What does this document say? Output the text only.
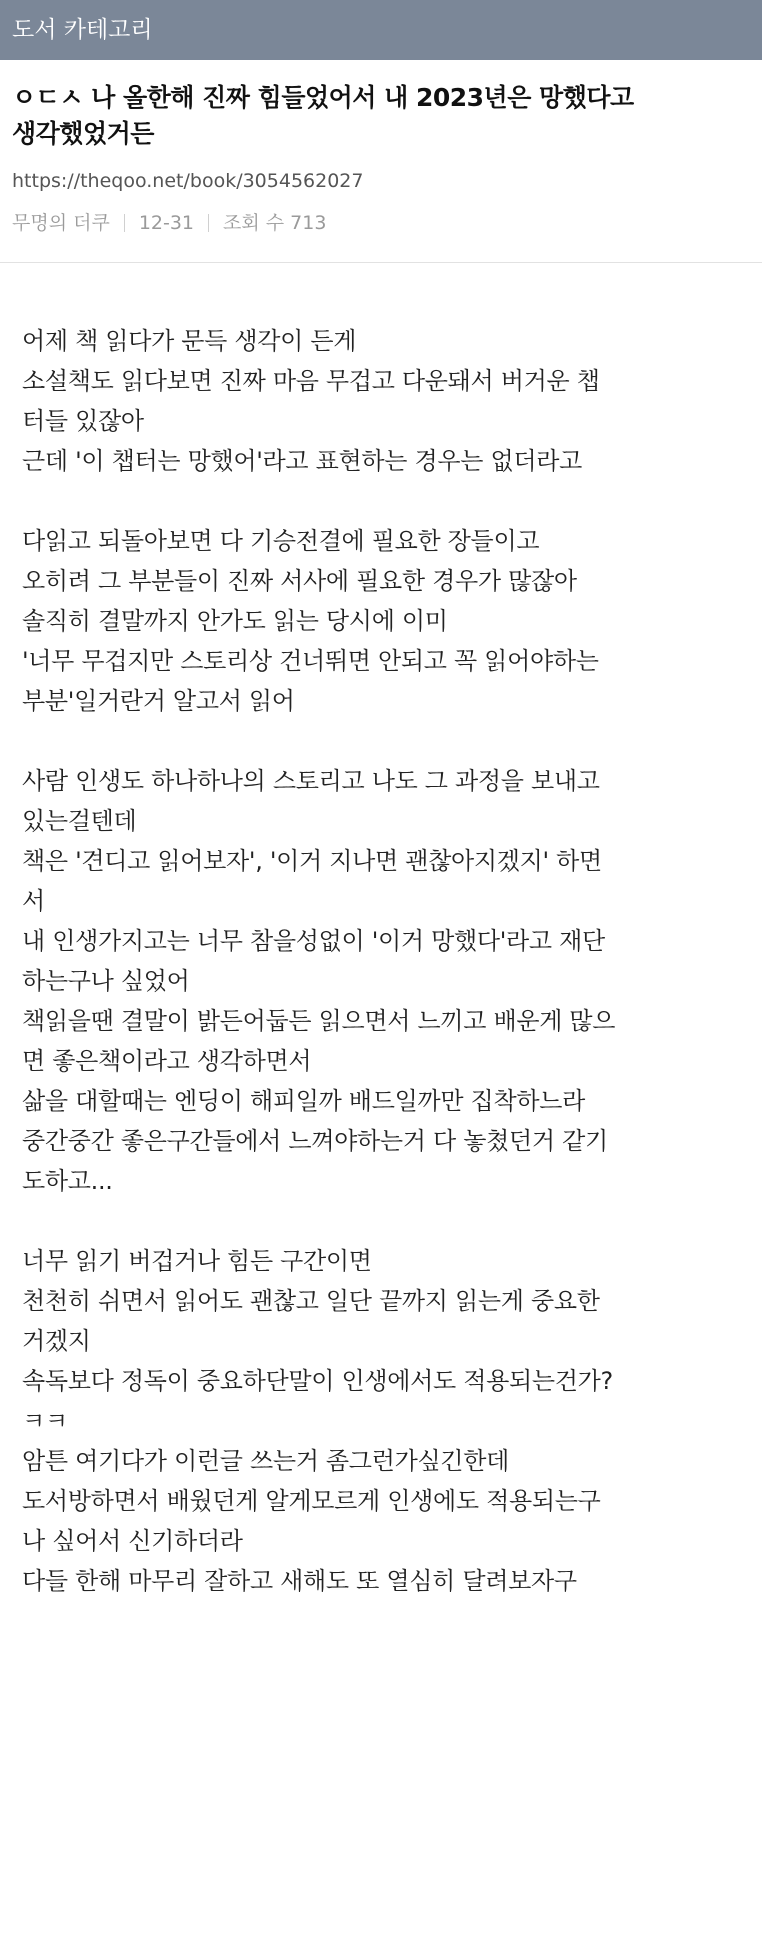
도서 카테고리
ㅇㄷㅅ 나 올한해 진짜 힘들었어서 내 2023년은 망했다고 생각했었거든
https://theqoo.net/book/3054562027
무명의 더쿠 12-31 조회 수 713
어제 책 읽다가 문득 생각이 든게
소설책도 읽다보면 진짜 마음 무겁고 다운돼서 버거운 챕
터들 있잖아
근데 '이 챕터는 망했어'라고 표현하는 경우는 없더라고
다읽고 되돌아보면 다 기승전결에 필요한 장들이고
오히려 그 부분들이 진짜 서사에 필요한 경우가 많잖아
솔직히 결말까지 안가도 읽는 당시에 이미
'너무 무겁지만 스토리상 건너뛰면 안되고 꼭 읽어야하는
부분'일거란거 알고서 읽어
사람 인생도 하나하나의 스토리고 나도 그 과정을 보내고
있는걸텐데
책은 '견디고 읽어보자', '이거 지나면 괜찮아지겠지' 하면
서
내 인생가지고는 너무 참을성없이 '이거 망했다'라고 재단
하는구나 싶었어
책읽을땐 결말이 밝든어둡든 읽으면서 느끼고 배운게 많으
면 좋은책이라고 생각하면서
삶을 대할때는 엔딩이 해피일까 배드일까만 집착하느라
중간중간 좋은구간들에서 느껴야하는거 다 놓쳤던거 같기
도하고...
너무 읽기 버겁거나 힘든 구간이면
천천히 쉬면서 읽어도 괜찮고 일단 끝까지 읽는게 중요한
거겠지
속독보다 정독이 중요하단말이 인생에서도 적용되는건가?
ㅋㅋ
암튼 여기다가 이런글 쓰는거 좀그런가싶긴한데
도서방하면서 배웠던게 알게모르게 인생에도 적용되는구
나 싶어서 신기하더라
다들 한해 마무리 잘하고 새해도 또 열심히 달려보자구
